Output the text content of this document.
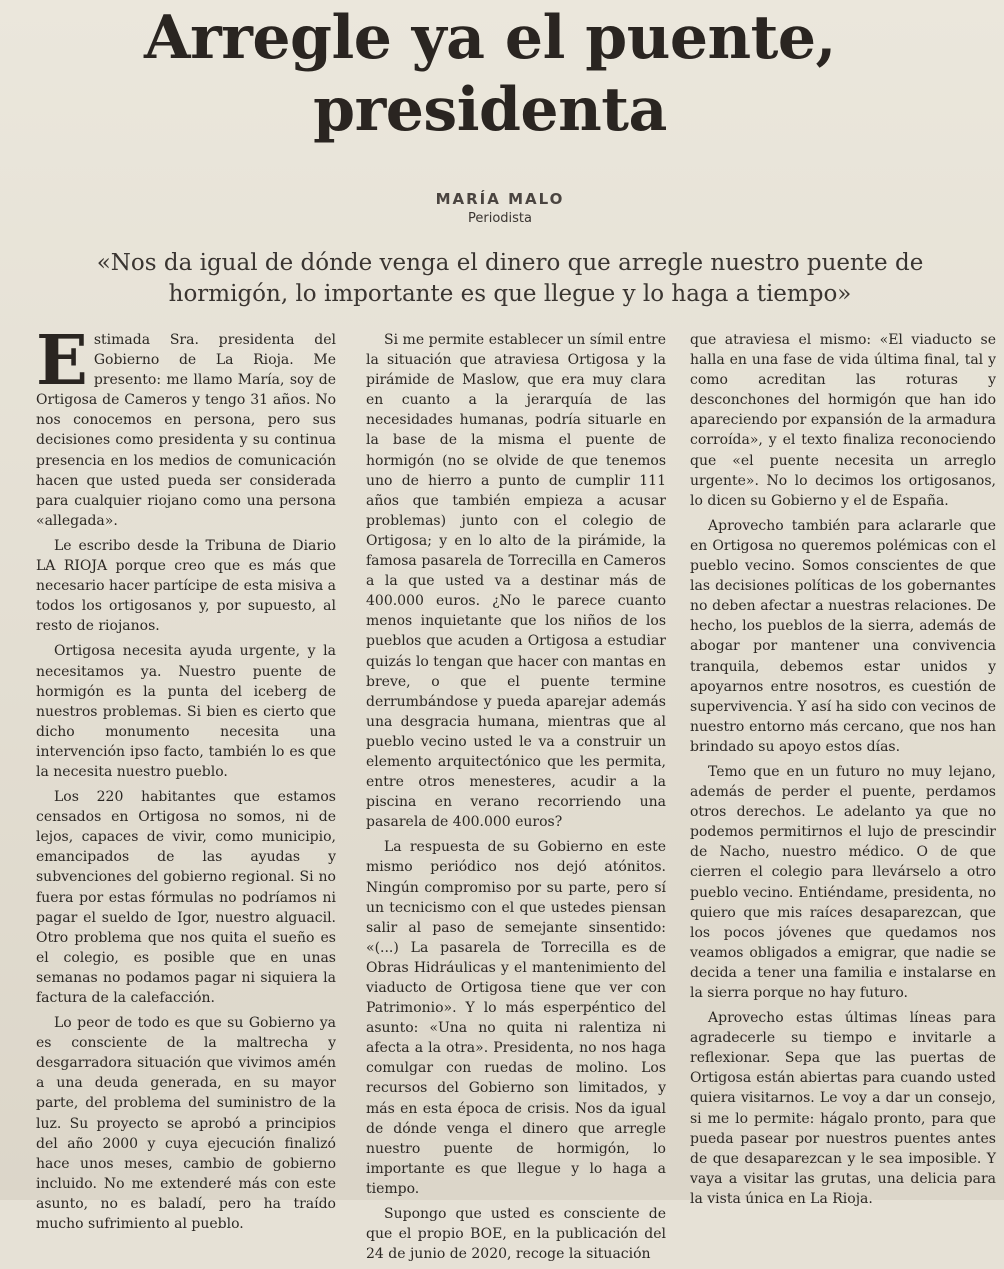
Arregle ya el puente, presidenta
MARÍA MALO
Periodista

«Nos da igual de dónde venga el dinero que arregle nuestro puente de hormigón, lo importante es que llegue y lo haga a tiempo»

Estimada Sra. presidenta del Gobierno de La Rioja. Me presento: me llamo María, soy de Ortigosa de Cameros y tengo 31 años. No nos conocemos en persona, pero sus decisiones como presidenta y su continua presencia en los medios de comunicación hacen que usted pueda ser considerada para cualquier riojano como una persona «allegada».

Le escribo desde la Tribuna de Diario LA RIOJA porque creo que es más que necesario hacer partícipe de esta misiva a todos los ortigosanos y, por supuesto, al resto de riojanos.

Ortigosa necesita ayuda urgente, y la necesitamos ya. Nuestro puente de hormigón es la punta del iceberg de nuestros problemas. Si bien es cierto que dicho monumento necesita una intervención ipso facto, también lo es que la necesita nuestro pueblo.

Los 220 habitantes que estamos censados en Ortigosa no somos, ni de lejos, capaces de vivir, como municipio, emancipados de las ayudas y subvenciones del gobierno regional. Si no fuera por estas fórmulas no podríamos ni pagar el sueldo de Igor, nuestro alguacil. Otro problema que nos quita el sueño es el colegio, es posible que en unas semanas no podamos pagar ni siquiera la factura de la calefacción.

Lo peor de todo es que su Gobierno ya es consciente de la maltrecha y desgarradora situación que vivimos amén a una deuda generada, en su mayor parte, del problema del suministro de la luz. Su proyecto se aprobó a principios del año 2000 y cuya ejecución finalizó hace unos meses, cambio de gobierno incluido. No me extenderé más con este asunto, no es baladí, pero ha traído mucho sufrimiento al pueblo.

Si me permite establecer un símil entre la situación que atraviesa Ortigosa y la pirámide de Maslow, que era muy clara en cuanto a la jerarquía de las necesidades humanas, podría situarle en la base de la misma el puente de hormigón (no se olvide de que tenemos uno de hierro a punto de cumplir 111 años que también empieza a acusar problemas) junto con el colegio de Ortigosa; y en lo alto de la pirámide, la famosa pasarela de Torrecilla en Cameros a la que usted va a destinar más de 400.000 euros. ¿No le parece cuanto menos inquietante que los niños de los pueblos que acuden a Ortigosa a estudiar quizás lo tengan que hacer con mantas en breve, o que el puente termine derrumbándose y pueda aparejar además una desgracia humana, mientras que al pueblo vecino usted le va a construir un elemento arquitectónico que les permita, entre otros menesteres, acudir a la piscina en verano recorriendo una pasarela de 400.000 euros?

La respuesta de su Gobierno en este mismo periódico nos dejó atónitos. Ningún compromiso por su parte, pero sí un tecnicismo con el que ustedes piensan salir al paso de semejante sinsentido: «(...) La pasarela de Torrecilla es de Obras Hidráulicas y el mantenimiento del viaducto de Ortigosa tiene que ver con Patrimonio». Y lo más esperpéntico del asunto: «Una no quita ni ralentiza ni afecta a la otra». Presidenta, no nos haga comulgar con ruedas de molino. Los recursos del Gobierno son limitados, y más en esta época de crisis. Nos da igual de dónde venga el dinero que arregle nuestro puente de hormigón, lo importante es que llegue y lo haga a tiempo.

Supongo que usted es consciente de que el propio BOE, en la publicación del 24 de junio de 2020, recoge la situación

que atraviesa el mismo: «El viaducto se halla en una fase de vida última final, tal y como acreditan las roturas y desconchones del hormigón que han ido apareciendo por expansión de la armadura corroída», y el texto finaliza reconociendo que «el puente necesita un arreglo urgente». No lo decimos los ortigosanos, lo dicen su Gobierno y el de España.

Aprovecho también para aclararle que en Ortigosa no queremos polémicas con el pueblo vecino. Somos conscientes de que las decisiones políticas de los gobernantes no deben afectar a nuestras relaciones. De hecho, los pueblos de la sierra, además de abogar por mantener una convivencia tranquila, debemos estar unidos y apoyarnos entre nosotros, es cuestión de supervivencia. Y así ha sido con vecinos de nuestro entorno más cercano, que nos han brindado su apoyo estos días.

Temo que en un futuro no muy lejano, además de perder el puente, perdamos otros derechos. Le adelanto ya que no podemos permitirnos el lujo de prescindir de Nacho, nuestro médico. O de que cierren el colegio para llevárselo a otro pueblo vecino. Entiéndame, presidenta, no quiero que mis raíces desaparezcan, que los pocos jóvenes que quedamos nos veamos obligados a emigrar, que nadie se decida a tener una familia e instalarse en la sierra porque no hay futuro.

Aprovecho estas últimas líneas para agradecerle su tiempo e invitarle a reflexionar. Sepa que las puertas de Ortigosa están abiertas para cuando usted quiera visitarnos. Le voy a dar un consejo, si me lo permite: hágalo pronto, para que pueda pasear por nuestros puentes antes de que desaparezcan y le sea imposible. Y vaya a visitar las grutas, una delicia para la vista única en La Rioja.
